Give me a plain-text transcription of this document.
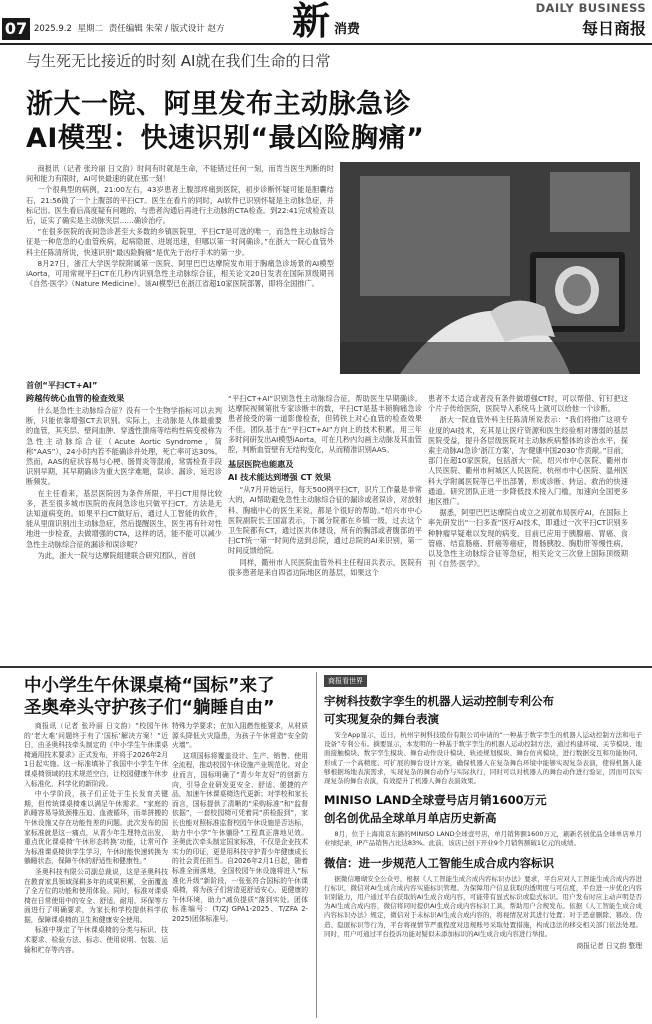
07 2025.9.2 星期二 责任编辑 朱荣 / 版式设计 赵方 新 消费
DAILY BUSINESS
每日商报
与生死无比接近的时刻 AI就在我们生命的日常
浙大一院、阿里发布主动脉急诊
AI模型：快速识别“最凶险胸痛”

商报讯（记者 张玲丽 日文韵）时间有时就是生命，不能错过任何一刻，而肯当医生判断的时间和能力有限时，AI可快最速的就在那一刻！

一个很典型的病例，21:00左右，43岁患者上腹部疼痛到医院，初步诊断怀疑可能是胆囊结石，21:56做了一个上腹部的平扫CT。医生在看片的同时，AI软件已识别怀疑是主动脉急症，并标记出。医生看后高度疑有问题的，与患者沟通后再进行主动脉的CTA检查。到22:41完成检查以后，证实了确实是主动脉夹层……确诊治疗。

“在很多医院的夜间急诊甚至大多数的乡镇医院里，平扫CT是可选的唯一，而急性主动脉综合征是一种危急的心血管疾病，起病隐匿、进展迅速，但哪以第一时间确诊。”在浙大一院心血管外科主任陈清所说，快速识别“最凶险胸痛”是优先于治疗手术的第一步。

8月27日，浙江大学医学院附属第一医院、阿里巴巴达摩院发布用于胸痛急诊场景的AI模型iAorta，可用常规平扫CT在几秒内识别急性主动脉综合征，相关论文20日发表在国际顶级期刊《自然·医学》（Nature Medicine）。该AI模型已在浙江省超10家医院部署，即将全国推广。

首创“平扫CT+AI”
跨越传统心血管的检查效果

什么是急性主动脉综合征？没有一个生物学指标可以去判断，只能依靠增强CT去识别。实际上，主动脉是人体最重要的血管，其夹层、壁间血肿、穿透性溃疡等结构性病变被称为急性主动脉综合征（Acute Aortic Syndrome，简称“AAS”），24小时内若不能确诊并处理，死亡率可达30%。然而，AAS的症状容易与心梗、肠胃炎等混淆，常需检查手段识别早期，其早期确诊为重大医学难题，误诊、漏诊、延迟诊断频发。

在主任看来，基层医院因为条件所限，平扫CT用得比较多，甚至很多城市医院的夜间急诊也只做平扫CT。方法是无法知道病变的。如果平扫CT做好后，通过人工智能的软件，能从里面识别出主动脉急症，然后提醒医生，医生再有针对性地进一步检查，去做增强的CTA，这样的话，能不能可以减少急性主动脉综合征的漏诊和误诊呢？

为此，浙大一院与达摩院组建联合研究团队，首创

“平扫CT+AI”识别急性主动脉综合征，帮助医生早期确诊。达摩院视频第批专家诊断丰的数，平扫CT是基丰锁胸痛急诊患者接受的第一道影像检查，但铸铁上对心血管的检查效果不佳。团队基于在“平扫CT+AI”方向上的技术积累，用三年多时间研发出AI模型iAorta，可在几秒内勾画主动脉及其血管腔，判断血管壁有无结构变化，从而精准识别AAS。

基层医院也能惠及
AI 技术能达到增强 CT 效果

“从7月开始运行，每天500例平扫CT，识片工作量是非常大的，AI帮助避免急性主动脉综合征的漏诊或者误诊，对放射科、胸痛中心的医生来说，都是个很好的帮助。”绍兴市中心医院副院长王国富表示，下属分院都在乡镇一级，过去这个卫生院都有CT，通过医共体建设，所有的胸部或者腹部的平扫CT统一第一时间传送到总院，通过总院的AI来识别，第一时间反馈给院。

同样，衢州市人民医院血管外科主任程田兵表示，医院有很多患者是来自四省边际地区的基层，如果这个

患者不太适合或者没有条件做增强CT时，可以帮借、钉钉把这个片子传给医院，医院导入系统马上就可以给他一个诊断。

浙大一院血管外科主任陈清所说表示：“我们将推广这项专业度的AI技术，充其是让医疗资源和医生经验相对薄弱的基层医院受益，提升各层级医院对主动脉疾病整体的诊治水平，探索主动脉AI急诊‘浙江方案’，为‘健康中国2030’作贡献。”目前，部门在超10家医院，包括浙大一院、绍兴市中心医院、衢州市人民医院、衢州市柯城区人民医院、杭州市中心医院、温州医科大学附属医院等已平出部署，形成诊断、转运、救治的快速通道。研究团队正进一步降低技术接入门槛，加速向全国更多地区推广。

据悉，阿里巴巴达摩院自成立之初就布局医疗AI，在国际上率先研发出“一扫多查”医疗AI技术，即通过一次平扫CT识别多种肿瘤早疑难以发现的病变，目前已应用于胰腺癌、胃癌、食管癌、结直肠癌、肝癌等癌症，胃肠胰胶、胸肋肝等慢性病，以及急性主动脉综合征等急症，相关论文三次登上国际顶级期刊《自然·医学》。

中小学生午休课桌椅“国标”来了
圣奥牵头守护孩子们“躺睡自由”

商报讯（记者 张玲丽 日文韵）“校园午休的‘老大难’问题终于有了‘国标’解决方案！”近日，由圣奥科技牵头制定的《中小学生午休课桌椅通用技术要求》正式发布，并将于2026年2月1日起实施。这一标准填补了我国中小学生午休课桌椅领域的技术规范空白，让校园健康午休步入标准化、科学化的新阶段。

中小学阶段，孩子们正处于生长发育关键期，但传统课桌椅难以满足午休需求。“家庭的趴睡容易导致颈椎压迫、血液循环，而单拼搬的午休设施又存在功能性差的问题。此次发布的国家标准就是这一痛点，从青少年生理特点出发，重点优化课桌椅‘午休形态转换’功能，让常可作为标准课桌椅供学生学习，午休时能快速转换为躺睡状态，保障午休的舒适性和健康性。”

圣奥科技有限公司副总裁说，这是圣奥科技在教育家具领域深耕多年的成果积累，全面覆盖了全方位的功能和使用体验。同时，标准对课桌椅在日常使用中的安全、舒适、耐用、环保等方面进行了明确要求，为家长和学校提供科学依据，保障课桌椅的卫生和健康安全使用。

标准中规定了午休课桌椅的分类与标识、技术要求、检验方法、标志、使用说明、包装、运输和贮存等内容。

特殊力学要求；在加入阻燃性能要求，从材质源头降低火灾隐患，为孩子午休营造“安全防火墙”。

这项国标将覆盖设计、生产、销售、使用全流程，推动校园午休设施产业规范化。对企业而言，国标明确了“青少年友好”的创新方向，引导企业研发更安全、舒适、便捷的产品，加速午休课桌椅迭代更新；对学校和家长而言，国标提供了清晰的“采购标准”和“监督依据”，一套校园椅可凭着同“质检报到”，家长也能对照标准监督校园午休设施是否达标，助力中小学“午休躺卧”工程真正落地见效。圣奥此次牵头制定国家标准，不仅是企业技术实力的印证，更是用科技守护青少年健康成长的社会责任担当。自2026年2月1日起，随着标准全面落地，全国校园午休设施将进入“标准化升级”新阶段，一张张符合国标的午休课桌椅，将为孩子们营造更舒适安心、更健康的午休环境，助力“减负提质”落到实处。团体标准编号：(T/ZJ GPA1-2025、T/ZFA 2-2025)团体标准号。

商报看世界
宇树科技数字孪生的机器人运动控制专利公布
可实现复杂的舞台表演
安全App显示，近日，杭州宇树科技股份有限公司申请的“一种基于数字孪生的机器人运动控制方法和电子设备”专利公布。摘要显示，本发明的一种基于数字孪生的机器人运动控制方法，通过构建环境、关节模块、地面接触模块、数字孪生模块、舞台动作设计模块、轨迹规划模块、舞台仿真模块，进行数据交互和功能协同，形成了一个高精度、可扩展的舞台设计方案，确保机器人在复杂舞台环境中能够实现复杂表演，使得机器人能够根据场地表演需求，实现复杂的舞台动作与实际执行，同时可以对机器人的舞台动作进行验证，因而可以实现复杂的舞台表演，有效提升了机器人舞台表演效果。
MINISO LAND全球壹号店月销1600万元
创名创优品全球单月单店历史新高
8月，位于上海南京东路的MINISO LAND全球壹号店，单月销售额1600万元，刷新名创优品全球单店单月业绩纪录，IP产品销售占比达83%。此前，该店已创下开业9个月销售额破1亿元的成绩。
微信：进一步规范人工智能生成合成内容标识
据微信珊瑚安全公众号，根据《人工智能生成合成内容标识办法》要求，平台应对人工智能生成合成内容进行标识，微信对AI生成合成内容实施标识管理。为保障用户信息获取的透明度与可信度，平台进一步优化内容识别能力，用户通过平台获取的AI生成合成内容，可能带有显式标识或隐式标识。用户发布时应主动声明是否为AI生成合成内容，微信将同时提供AI生成合成内容标识工具，帮助用户合规发布。依据《人工智能生成合成内容标识办法》规定，微信对于未标识AI生成合成内容的，将视情况对其进行处置；对于恶意删除、篡改、伪造、隐匿标识等行为，平台将视情节严重程度对违规账号采取处置措施，构成违法的移交相关部门依法处理。同时，用户可通过平台投诉功能对疑似未添加标识的AI生成合成内容进行举报。
商报记者 日文韵 整理
